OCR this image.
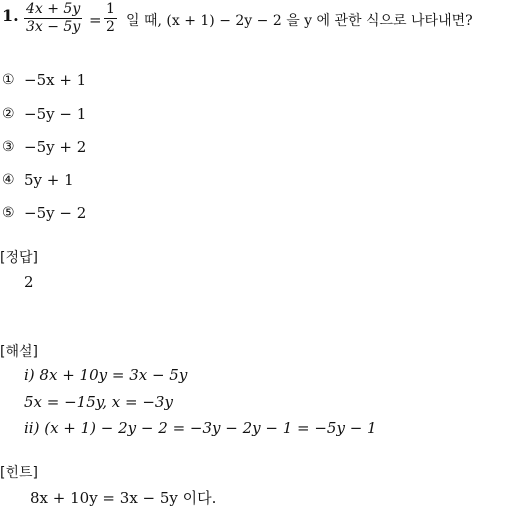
1. $\frac{4x + 5y}{3x - 5y} = \frac{1}{2}$ 일 때, (x + 1) − 2y − 2 을 y 에 관한 식으로 나타내면?
① −5x + 1
② −5y − 1
③ −5y + 2
④ 5y + 1
⑤ −5y − 2
[정답]
2
[해설]
i) 8x + 10y = 3x − 5y
5x = −15y, x = −3y
ii) (x + 1) − 2y − 2 = −3y − 2y − 1 = −5y − 1
[힌트]
8x + 10y = 3x − 5y 이다.
